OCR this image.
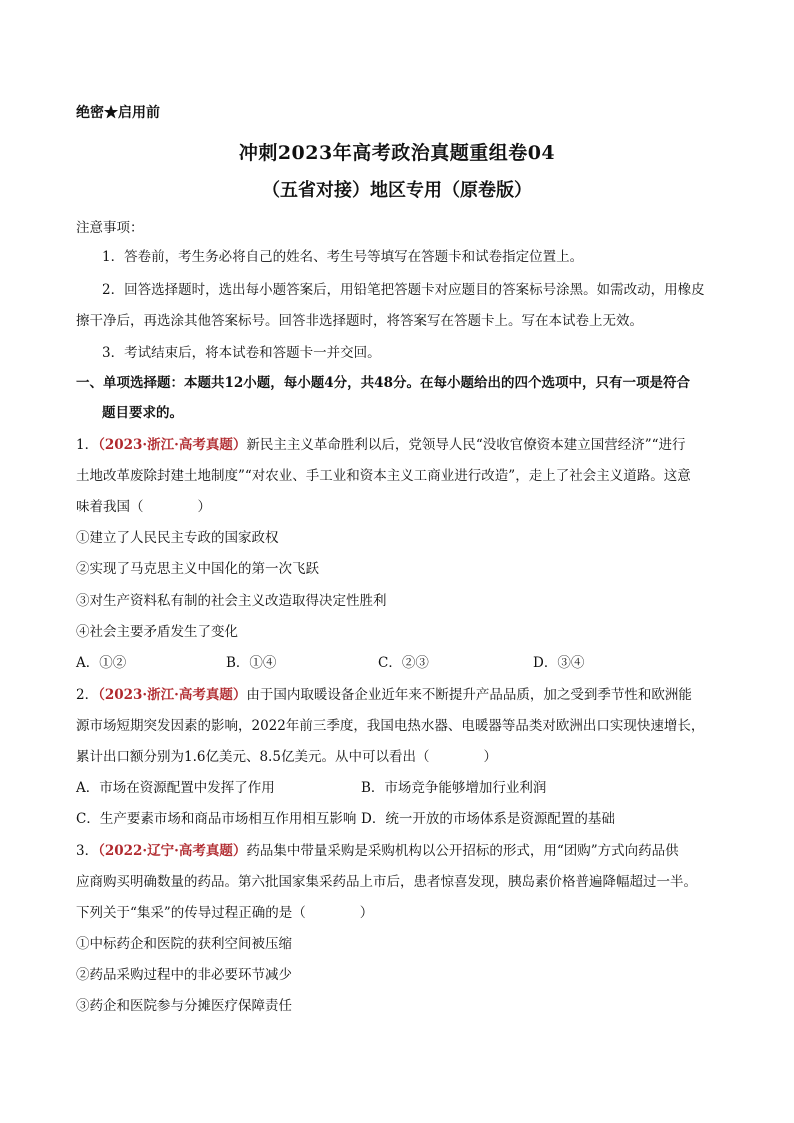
绝密★启用前
冲刺2023年高考政治真题重组卷04
（五省对接）地区专用（原卷版）
注意事项：
1．答卷前，考生务必将自己的姓名、考生号等填写在答题卡和试卷指定位置上。
2．回答选择题时，选出每小题答案后，用铅笔把答题卡对应题目的答案标号涂黑。如需改动，用橡皮
擦干净后，再选涂其他答案标号。回答非选择题时，将答案写在答题卡上。写在本试卷上无效。
3．考试结束后，将本试卷和答题卡一并交回。
一、单项选择题：本题共12小题，每小题4分，共48分。在每小题给出的四个选项中，只有一项是符合
题目要求的。
1．（2023·浙江·高考真题）新民主主义革命胜利以后，党领导人民“没收官僚资本建立国营经济”“进行
土地改革废除封建土地制度”“对农业、手工业和资本主义工商业进行改造”，走上了社会主义道路。这意
味着我国（　　　　）
①建立了人民民主专政的国家政权
②实现了马克思主义中国化的第一次飞跃
③对生产资料私有制的社会主义改造取得决定性胜利
④社会主要矛盾发生了变化
A．①②	B．①④	C．②③	D．③④
2．（2023·浙江·高考真题）由于国内取暖设备企业近年来不断提升产品品质，加之受到季节性和欧洲能
源市场短期突发因素的影响，2022年前三季度，我国电热水器、电暖器等品类对欧洲出口实现快速增长，
累计出口额分别为1.6亿美元、8.5亿美元。从中可以看出（　　　　）
A．市场在资源配置中发挥了作用	B．市场竞争能够增加行业利润
C．生产要素市场和商品市场相互作用相互影响 D．统一开放的市场体系是资源配置的基础
3．（2022·辽宁·高考真题）药品集中带量采购是采购机构以公开招标的形式，用“团购”方式向药品供
应商购买明确数量的药品。第六批国家集采药品上市后，患者惊喜发现，胰岛素价格普遍降幅超过一半。
下列关于“集采”的传导过程正确的是（　　　　）
①中标药企和医院的获利空间被压缩
②药品采购过程中的非必要环节减少
③药企和医院参与分摊医疗保障责任
